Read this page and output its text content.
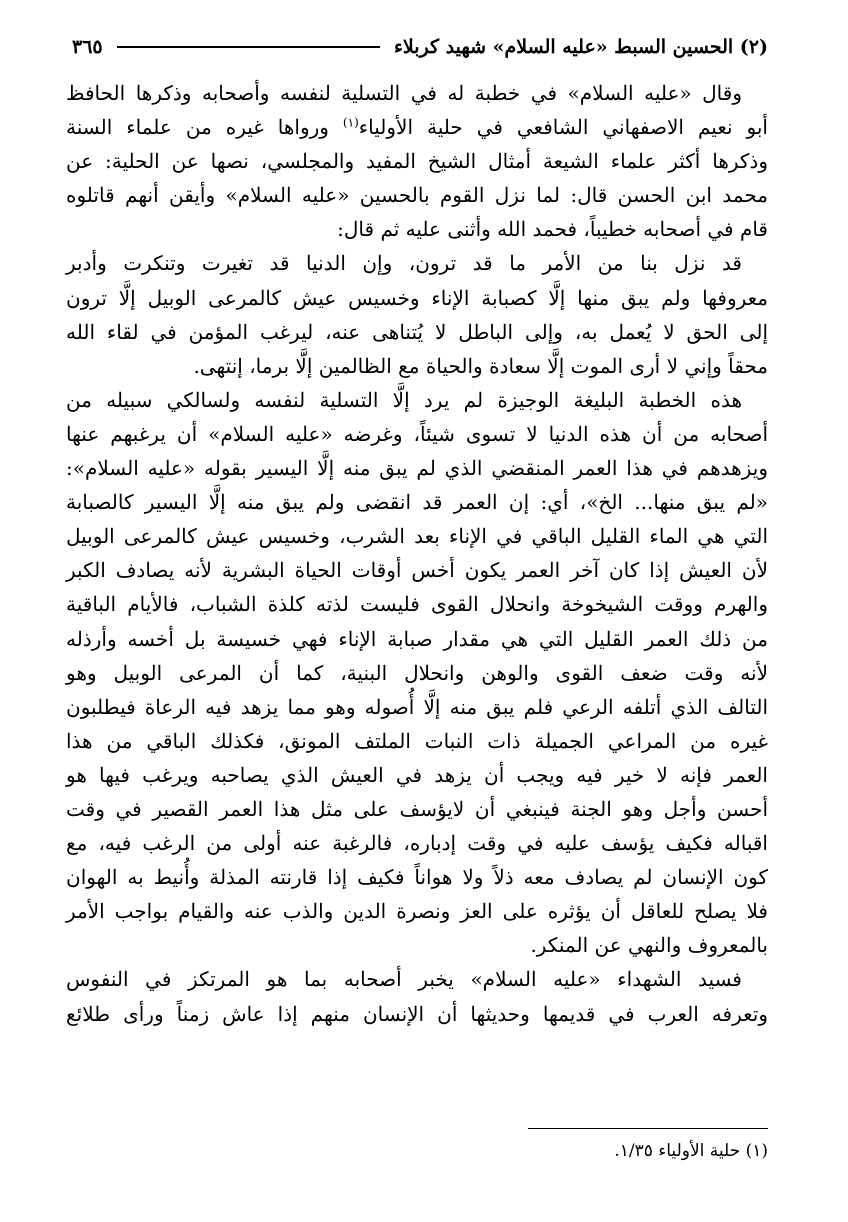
(٢) الحسين السبط «عليه السلام» شهيد كربلاء
٣٦٥

وقال «عليه السلام» في خطبة له في التسلية لنفسه وأصحابه وذكرها الحافظ
أبو نعيم الاصفهاني الشافعي في حلية الأولياء$^{(١)}$ ورواها غيره من علماء السنة
وذكرها أكثر علماء الشيعة أمثال الشيخ المفيد والمجلسي، نصها عن الحلية: عن
محمد ابن الحسن قال: لما نزل القوم بالحسين «عليه السلام» وأيقن أنهم قاتلوه
قام في أصحابه خطيباً، فحمد الله وأثنى عليه ثم قال:

قد نزل بنا من الأمر ما قد ترون، وإن الدنيا قد تغيرت وتنكرت وأدبر
معروفها ولم يبق منها إلَّا كصبابة الإناء وخسيس عيش كالمرعى الوبيل إلَّا ترون
إلى الحق لا يُعمل به، وإلى الباطل لا يُتناهى عنه، ليرغب المؤمن في لقاء الله
محقاً وإني لا أرى الموت إلَّا سعادة والحياة مع الظالمين إلَّا برما، إنتهى.

هذه الخطبة البليغة الوجيزة لم يرد إلَّا التسلية لنفسه ولسالكي سبيله من
أصحابه من أن هذه الدنيا لا تسوى شيئاً، وغرضه «عليه السلام» أن يرغبهم عنها
ويزهدهم في هذا العمر المنقضي الذي لم يبق منه إلَّا اليسير بقوله «عليه السلام»:
«لم يبق منها... الخ»، أي: إن العمر قد انقضى ولم يبق منه إلَّا اليسير كالصبابة
التي هي الماء القليل الباقي في الإناء بعد الشرب، وخسيس عيش كالمرعى الوبيل
لأن العيش إذا كان آخر العمر يكون أخس أوقات الحياة البشرية لأنه يصادف الكبر
والهرم ووقت الشيخوخة وانحلال القوى فليست لذته كلذة الشباب، فالأيام الباقية
من ذلك العمر القليل التي هي مقدار صبابة الإناء فهي خسيسة بل أخسه وأرذله
لأنه وقت ضعف القوى والوهن وانحلال البنية، كما أن المرعى الوبيل وهو
التالف الذي أتلفه الرعي فلم يبق منه إلَّا أُصوله وهو مما يزهد فيه الرعاة فيطلبون
غيره من المراعي الجميلة ذات النبات الملتف المونق، فكذلك الباقي من هذا
العمر فإنه لا خير فيه ويجب أن يزهد في العيش الذي يصاحبه ويرغب فيها هو
أحسن وأجل وهو الجنة فينبغي أن لايؤسف على مثل هذا العمر القصير في وقت
اقباله فكيف يؤسف عليه في وقت إدباره، فالرغبة عنه أولى من الرغب فيه، مع
كون الإنسان لم يصادف معه ذلاً ولا هواناً فكيف إذا قارنته المذلة وأُنيط به الهوان
فلا يصلح للعاقل أن يؤثره على العز ونصرة الدين والذب عنه والقيام بواجب الأمر
بالمعروف والنهي عن المنكر.

فسيد الشهداء «عليه السلام» يخبر أصحابه بما هو المرتكز في النفوس
وتعرفه العرب في قديمها وحديثها أن الإنسان منهم إذا عاش زمناً ورأى طلائع

(١) حلية الأولياء ١/٣٥.
